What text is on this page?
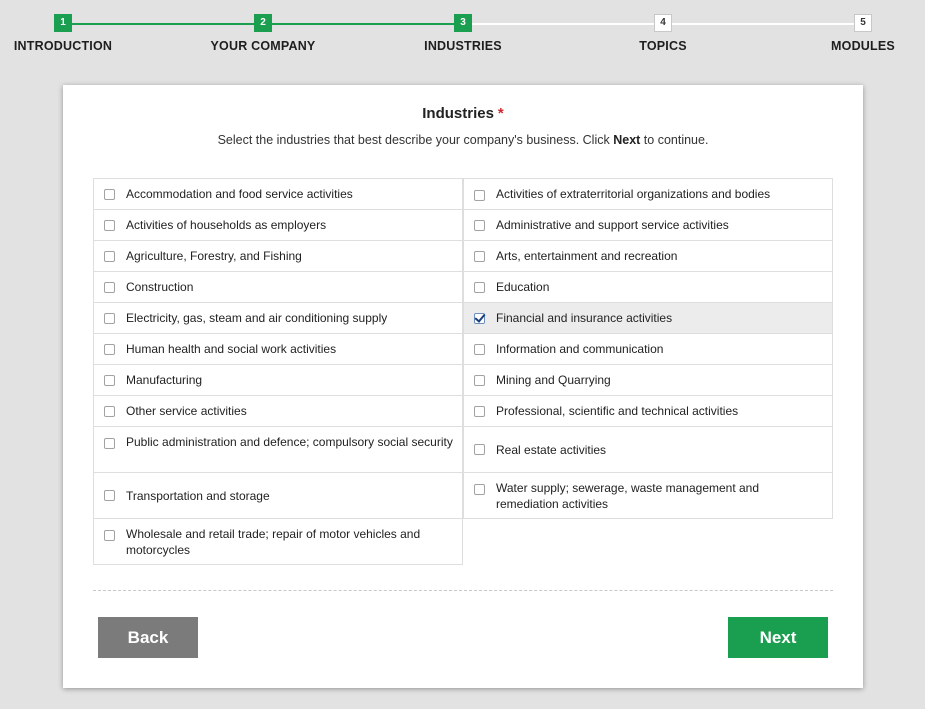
1
INTRODUCTION
2
YOUR COMPANY
3
INDUSTRIES
4
TOPICS
5
MODULES
Industries *
Select the industries that best describe your company's business. Click Next to continue.
Accommodation and food service activities
Activities of households as employers
Agriculture, Forestry, and Fishing
Construction
Electricity, gas, steam and air conditioning supply
Human health and social work activities
Manufacturing
Other service activities
Public administration and defence; compulsory social security
Transportation and storage
Wholesale and retail trade; repair of motor vehicles and motorcycles
Activities of extraterritorial organizations and bodies
Administrative and support service activities
Arts, entertainment and recreation
Education
Financial and insurance activities
Information and communication
Mining and Quarrying
Professional, scientific and technical activities
Real estate activities
Water supply; sewerage, waste management and remediation activities
Back	Next
